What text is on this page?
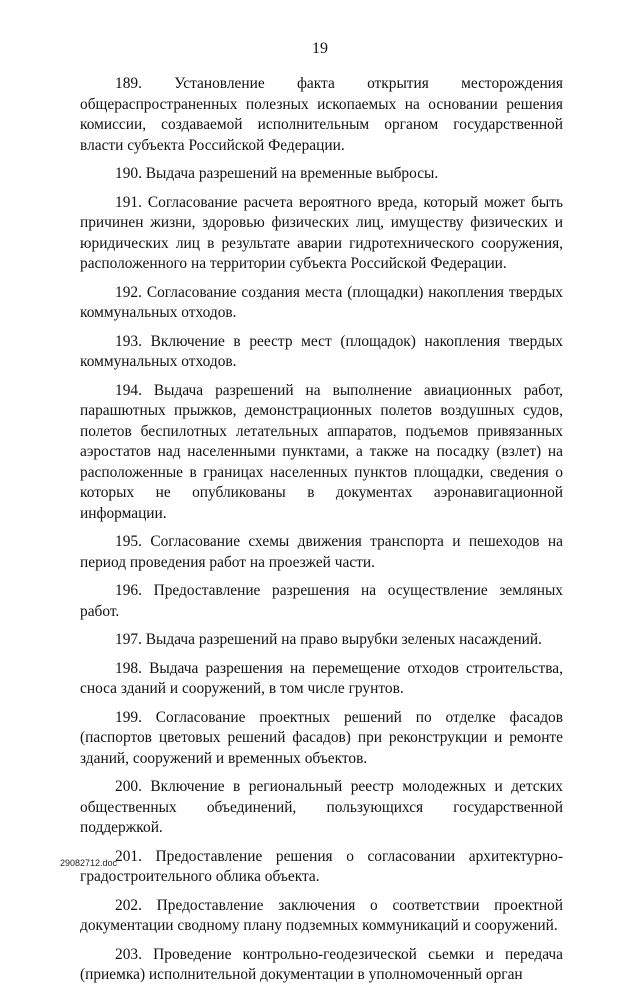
19

189. Установление факта открытия месторождения общераспространенных полезных ископаемых на основании решения комиссии, создаваемой исполнительным органом государственной власти субъекта Российской Федерации.

190. Выдача разрешений на временные выбросы.

191. Согласование расчета вероятного вреда, который может быть причинен жизни, здоровью физических лиц, имуществу физических и юридических лиц в результате аварии гидротехнического сооружения, расположенного на территории субъекта Российской Федерации.

192. Согласование создания места (площадки) накопления твердых коммунальных отходов.

193. Включение в реестр мест (площадок) накопления твердых коммунальных отходов.

194. Выдача разрешений на выполнение авиационных работ, парашютных прыжков, демонстрационных полетов воздушных судов, полетов беспилотных летательных аппаратов, подъемов привязанных аэростатов над населенными пунктами, а также на посадку (взлет) на расположенные в границах населенных пунктов площадки, сведения о которых не опубликованы в документах аэронавигационной информации.

195. Согласование схемы движения транспорта и пешеходов на период проведения работ на проезжей части.

196. Предоставление разрешения на осуществление земляных работ.

197. Выдача разрешений на право вырубки зеленых насаждений.

198. Выдача разрешения на перемещение отходов строительства, сноса зданий и сооружений, в том числе грунтов.

199. Согласование проектных решений по отделке фасадов (паспортов цветовых решений фасадов) при реконструкции и ремонте зданий, сооружений и временных объектов.

200. Включение в региональный реестр молодежных и детских общественных объединений, пользующихся государственной поддержкой.

201. Предоставление решения о согласовании архитектурно-градостроительного облика объекта.

202. Предоставление заключения о соответствии проектной документации сводному плану подземных коммуникаций и сооружений.

203. Проведение контрольно-геодезической сьемки и передача (приемка) исполнительной документации в уполномоченный орган

29082712.doc
